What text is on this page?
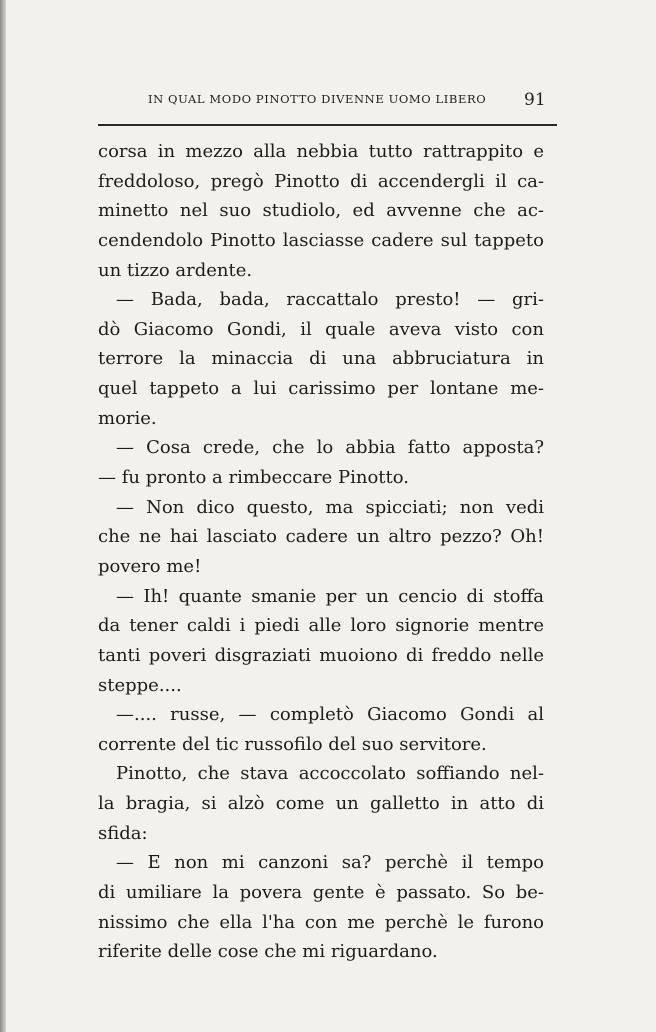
IN QUAL MODO PINOTTO DIVENNE UOMO LIBERO	91
corsa in mezzo alla nebbia tutto rattrappito e
freddoloso, pregò Pinotto di accendergli il ca-
minetto nel suo studiolo, ed avvenne che ac-
cendendolo Pinotto lasciasse cadere sul tappeto
un tizzo ardente.
— Bada, bada, raccattalo presto! — gri-
dò Giacomo Gondi, il quale aveva visto con
terrore la minaccia di una abbruciatura in
quel tappeto a lui carissimo per lontane me-
morie.
— Cosa crede, che lo abbia fatto apposta?
— fu pronto a rimbeccare Pinotto.
— Non dico questo, ma spicciati; non vedi
che ne hai lasciato cadere un altro pezzo? Oh!
povero me!
— Ih! quante smanie per un cencio di stoffa
da tener caldi i piedi alle loro signorie mentre
tanti poveri disgraziati muoiono di freddo nelle
steppe....
—.... russe, — completò Giacomo Gondi al
corrente del tic russofilo del suo servitore.
Pinotto, che stava accoccolato soffiando nel-
la bragia, si alzò come un galletto in atto di
sfida:
— E non mi canzoni sa? perchè il tempo
di umiliare la povera gente è passato. So be-
nissimo che ella l'ha con me perchè le furono
riferite delle cose che mi riguardano.
